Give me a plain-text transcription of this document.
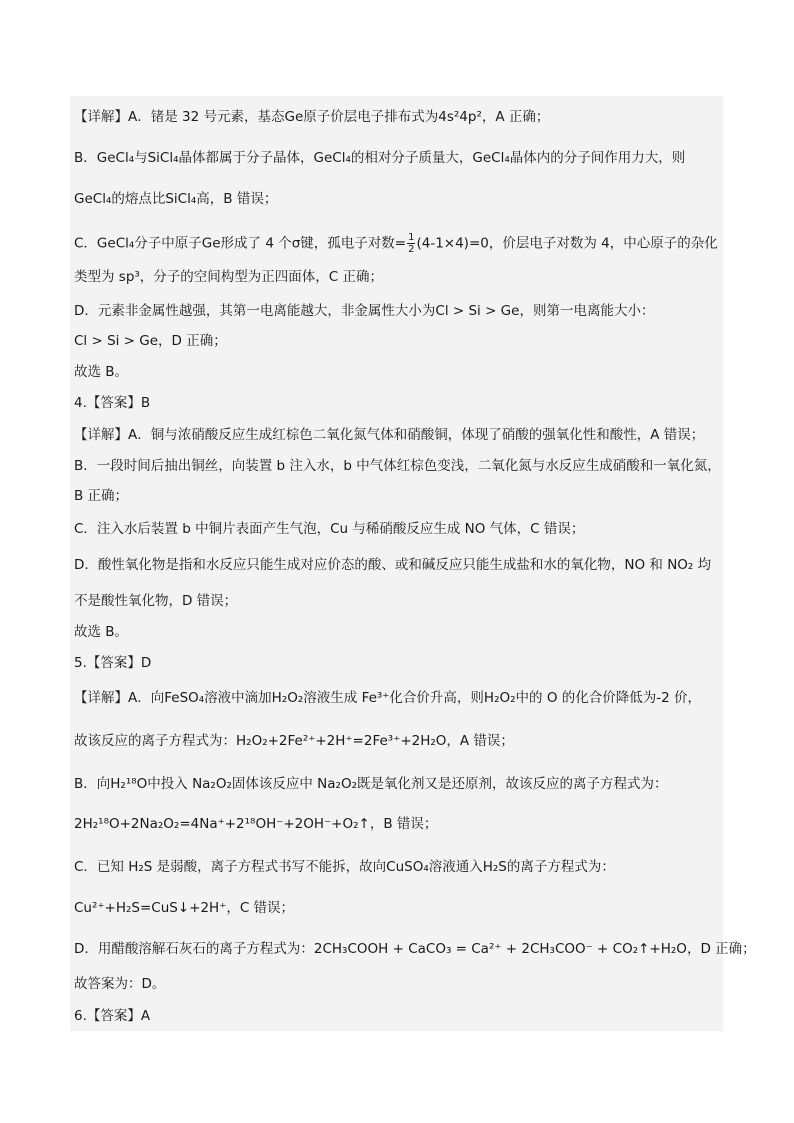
【详解】A．锗是 32 号元素，基态Ge原子价层电子排布式为4s²4p²，A 正确；
B．GeCl₄与SiCl₄晶体都属于分子晶体，GeCl₄的相对分子质量大，GeCl₄晶体内的分子间作用力大，则
GeCl₄的熔点比SiCl₄高，B 错误；
C．GeCl₄分子中原子Ge形成了 4 个σ键，孤电子对数= $\frac{1}{2} (4-1\times 4)=0$，价层电子对数为 4，中心原子的杂化
类型为 sp³，分子的空间构型为正四面体，C 正确；
D．元素非金属性越强，其第一电离能越大，非金属性大小为Cl > Si > Ge，则第一电离能大小：
Cl > Si > Ge，D 正确；
故选 B。
4.【答案】B
【详解】A．铜与浓硝酸反应生成红棕色二氧化氮气体和硝酸铜，体现了硝酸的强氧化性和酸性，A 错误；
B．一段时间后抽出铜丝，向装置 b 注入水，b 中气体红棕色变浅，二氧化氮与水反应生成硝酸和一氧化氮，
B 正确；
C．注入水后装置 b 中铜片表面产生气泡，Cu 与稀硝酸反应生成 NO 气体，C 错误；
D．酸性氧化物是指和水反应只能生成对应价态的酸、或和碱反应只能生成盐和水的氧化物，NO 和 NO₂ 均
不是酸性氧化物，D 错误；
故选 B。
5.【答案】D
【详解】A．向FeSO₄溶液中滴加H₂O₂溶液生成 Fe³⁺化合价升高，则H₂O₂中的 O 的化合价降低为-2 价，
故该反应的离子方程式为：H₂O₂+2Fe²⁺+2H⁺=2Fe³⁺+2H₂O，A 错误；
B．向H₂¹⁸O中投入 Na₂O₂固体该反应中 Na₂O₂既是氧化剂又是还原剂，故该反应的离子方程式为：
2H₂¹⁸O+2Na₂O₂=4Na⁺+2¹⁸OH⁻+2OH⁻+O₂↑，B 错误；
C．已知 H₂S 是弱酸，离子方程式书写不能拆，故向CuSO₄溶液通入H₂S的离子方程式为：
Cu²⁺+H₂S=CuS↓+2H⁺，C 错误；
D．用醋酸溶解石灰石的离子方程式为：2CH₃COOH + CaCO₃ = Ca²⁺ + 2CH₃COO⁻ + CO₂↑+H₂O，D 正确；
故答案为：D。
6.【答案】A
